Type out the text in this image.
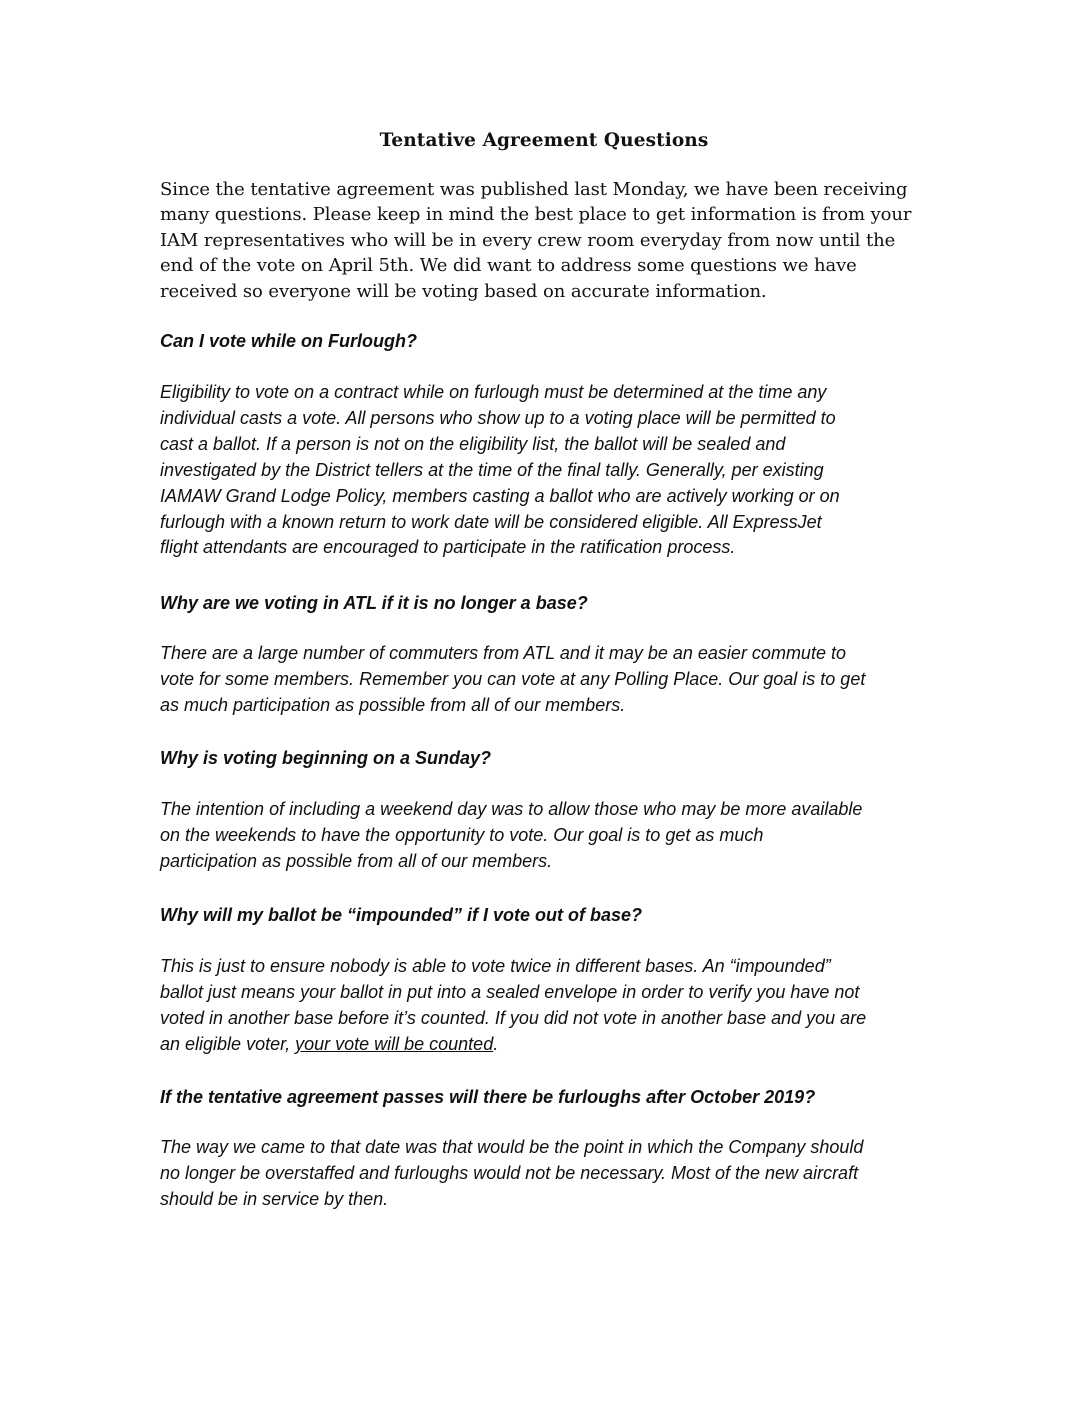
Tentative Agreement Questions
Since the tentative agreement was published last Monday, we have been receiving
many questions. Please keep in mind the best place to get information is from your
IAM representatives who will be in every crew room everyday from now until the
end of the vote on April 5th. We did want to address some questions we have
received so everyone will be voting based on accurate information.
Can I vote while on Furlough?
Eligibility to vote on a contract while on furlough must be determined at the time any
individual casts a vote. All persons who show up to a voting place will be permitted to
cast a ballot. If a person is not on the eligibility list, the ballot will be sealed and
investigated by the District tellers at the time of the final tally. Generally, per existing
IAMAW Grand Lodge Policy, members casting a ballot who are actively working or on
furlough with a known return to work date will be considered eligible. All ExpressJet
flight attendants are encouraged to participate in the ratification process.
Why are we voting in ATL if it is no longer a base?
There are a large number of commuters from ATL and it may be an easier commute to
vote for some members. Remember you can vote at any Polling Place. Our goal is to get
as much participation as possible from all of our members.
Why is voting beginning on a Sunday?
The intention of including a weekend day was to allow those who may be more available
on the weekends to have the opportunity to vote. Our goal is to get as much
participation as possible from all of our members.
Why will my ballot be “impounded” if I vote out of base?
This is just to ensure nobody is able to vote twice in different bases. An “impounded”
ballot just means your ballot in put into a sealed envelope in order to verify you have not
voted in another base before it’s counted. If you did not vote in another base and you are
an eligible voter, your vote will be counted.
If the tentative agreement passes will there be furloughs after October 2019?
The way we came to that date was that would be the point in which the Company should
no longer be overstaffed and furloughs would not be necessary. Most of the new aircraft
should be in service by then.
